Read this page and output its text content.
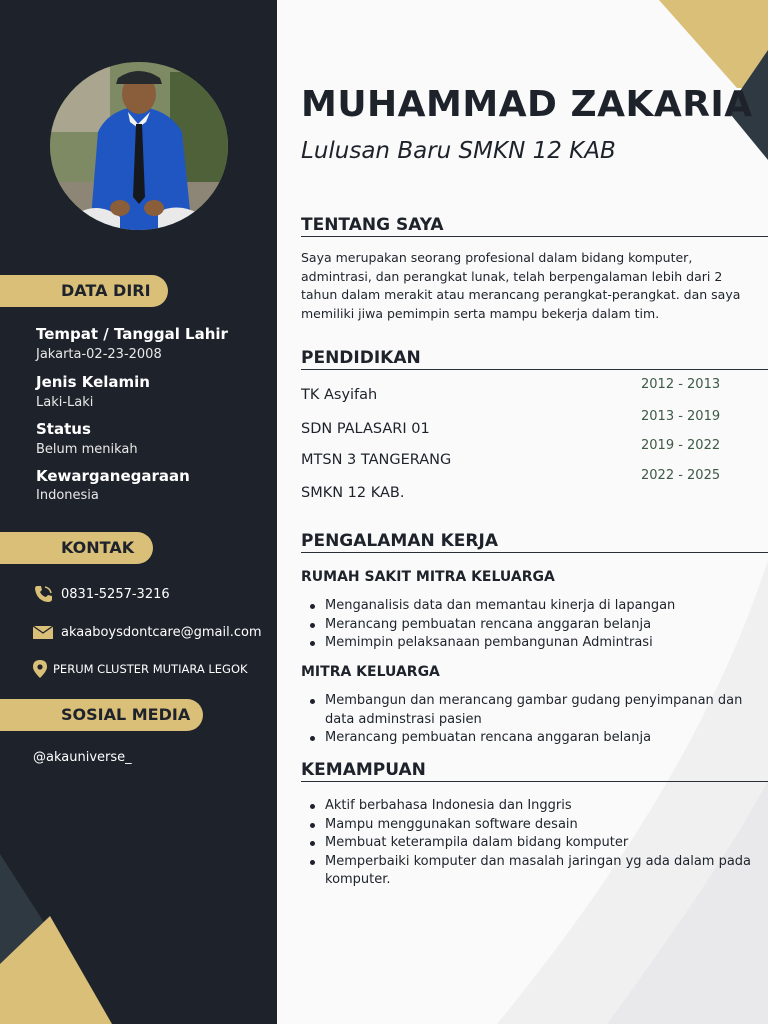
DATA DIRI
Tempat / Tanggal Lahir
Jakarta-02-23-2008
Jenis Kelamin
Laki-Laki
Status
Belum menikah
Kewarganegaraan
Indonesia
KONTAK
0831-5257-3216
akaaboysdontcare@gmail.com
PERUM CLUSTER MUTIARA LEGOK
SOSIAL MEDIA
@akauniverse_
MUHAMMAD ZAKARIA
Lulusan Baru SMKN 12 KAB
TENTANG SAYA
Saya merupakan seorang profesional dalam bidang komputer, admintrasi, dan perangkat lunak, telah berpengalaman lebih dari 2 tahun dalam merakit atau merancang perangkat-perangkat. dan saya memiliki jiwa pemimpin serta mampu bekerja dalam tim.
PENDIDIKAN
TK Asyifah
SDN PALASARI 01
MTSN 3 TANGERANG
SMKN 12 KAB.
2012 - 2013
2013 - 2019
2019 - 2022
2022 - 2025
PENGALAMAN KERJA
RUMAH SAKIT MITRA KELUARGA
Menganalisis data dan memantau kinerja di lapangan
Merancang pembuatan rencana anggaran belanja
Memimpin pelaksanaan pembangunan Admintrasi
MITRA KELUARGA
Membangun dan merancang gambar gudang penyimpanan dan data adminstrasi pasien
Merancang pembuatan rencana anggaran belanja
KEMAMPUAN
Aktif berbahasa Indonesia dan Inggris
Mampu menggunakan software desain
Membuat keterampila dalam bidang komputer
Memperbaiki komputer dan masalah jaringan yg ada dalam pada komputer.
